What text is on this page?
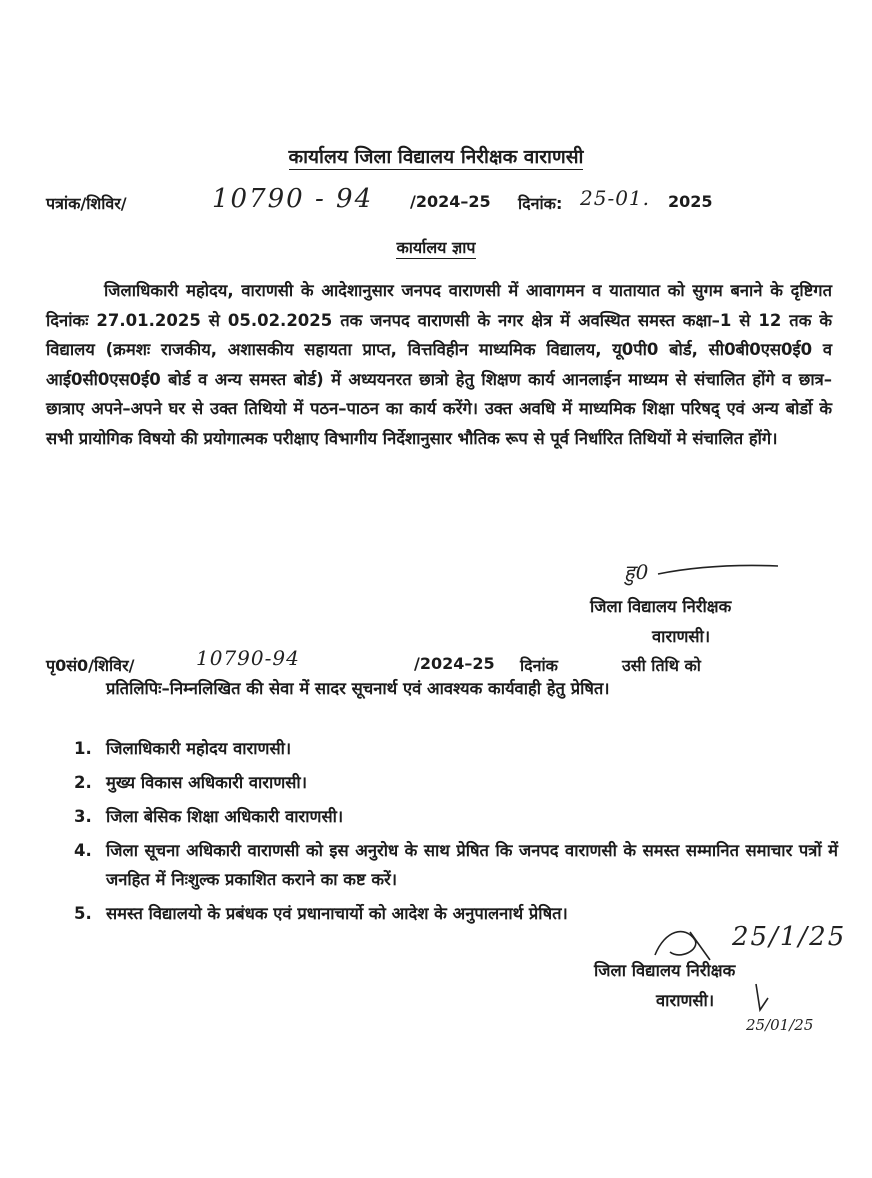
कार्यालय जिला विद्यालय निरीक्षक वाराणसी
पत्रांक/शिविर/	10790 - 94 /2024–25 दिनांक: 25-01. 2025
कार्यालय ज्ञाप

जिलाधिकारी महोदय, वाराणसी के आदेशानुसार जनपद वाराणसी में आवागमन व यातायात को सुगम बनाने के दृष्टिगत दिनांकः 27.01.2025 से 05.02.2025 तक जनपद वाराणसी के नगर क्षेत्र में अवस्थित समस्त कक्षा–1 से 12 तक के विद्यालय (क्रमशः राजकीय, अशासकीय सहायता प्राप्त, वित्तविहीन माध्यमिक विद्यालय, यू0पी0 बोर्ड, सी0बी0एस0ई0 व आई0सी0एस0ई0 बोर्ड व अन्य समस्त बोर्ड) में अध्ययनरत छात्रो हेतु शिक्षण कार्य आनलाईन माध्यम से संचालित होंगे व छात्र–छात्राए अपने–अपने घर से उक्त तिथियो में पठन–पाठन का कार्य करेंगे। उक्त अवधि में माध्यमिक शिक्षा परिषद् एवं अन्य बोर्डो के सभी प्रायोगिक विषयो की प्रयोगात्मक परीक्षाए विभागीय निर्देशानुसार भौतिक रूप से पूर्व निर्धारित तिथियों मे संचालित होंगे।

हु0
जिला विद्यालय निरीक्षक
वाराणसी।
पृ0सं0/शिविर/	10790-94	/2024–25 दिनांक	उसी तिथि को

प्रतिलिपिः–निम्नलिखित की सेवा में सादर सूचनार्थ एवं आवश्यक कार्यवाही हेतु प्रेषित।

1. जिलाधिकारी महोदय वाराणसी।
2. मुख्य विकास अधिकारी वाराणसी।
3. जिला बेसिक शिक्षा अधिकारी वाराणसी।
4. जिला सूचना अधिकारी वाराणसी को इस अनुरोध के साथ प्रेषित कि जनपद वाराणसी के समस्त सम्मानित समाचार पत्रों में जनहित में निःशुल्क प्रकाशित कराने का कष्ट करें।
5. समस्त विद्यालयो के प्रबंधक एवं प्रधानाचार्यो को आदेश के अनुपालनार्थ प्रेषित।
25/1/25
जिला विद्यालय निरीक्षक
वाराणसी।
25/01/25
